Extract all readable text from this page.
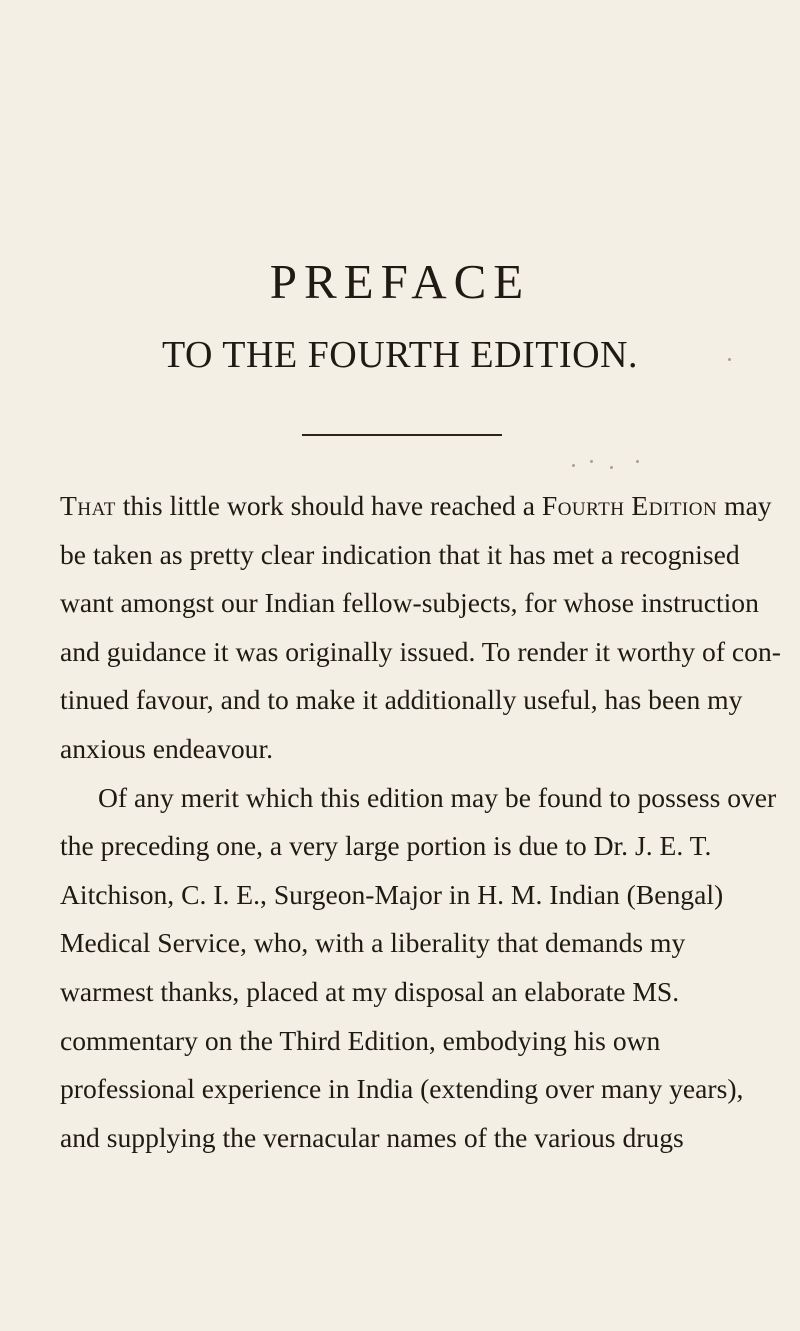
PREFACE
TO THE FOURTH EDITION.

That this little work should have reached a Fourth Edition may be taken as pretty clear indication that it has met a recognised want amongst our Indian fellow-subjects, for whose instruction and guidance it was originally issued. To render it worthy of con-tinued favour, and to make it additionally useful, has been my anxious endeavour.

Of any merit which this edition may be found to possess over the preceding one, a very large portion is due to Dr. J. E. T. Aitchison, C. I. E., Surgeon-Major in H. M. Indian (Bengal) Medical Service, who, with a liberality that demands my warmest thanks, placed at my disposal an elaborate MS. commentary on the Third Edition, embodying his own professional experience in India (extending over many years), and supplying the vernacular names of the various drugs
